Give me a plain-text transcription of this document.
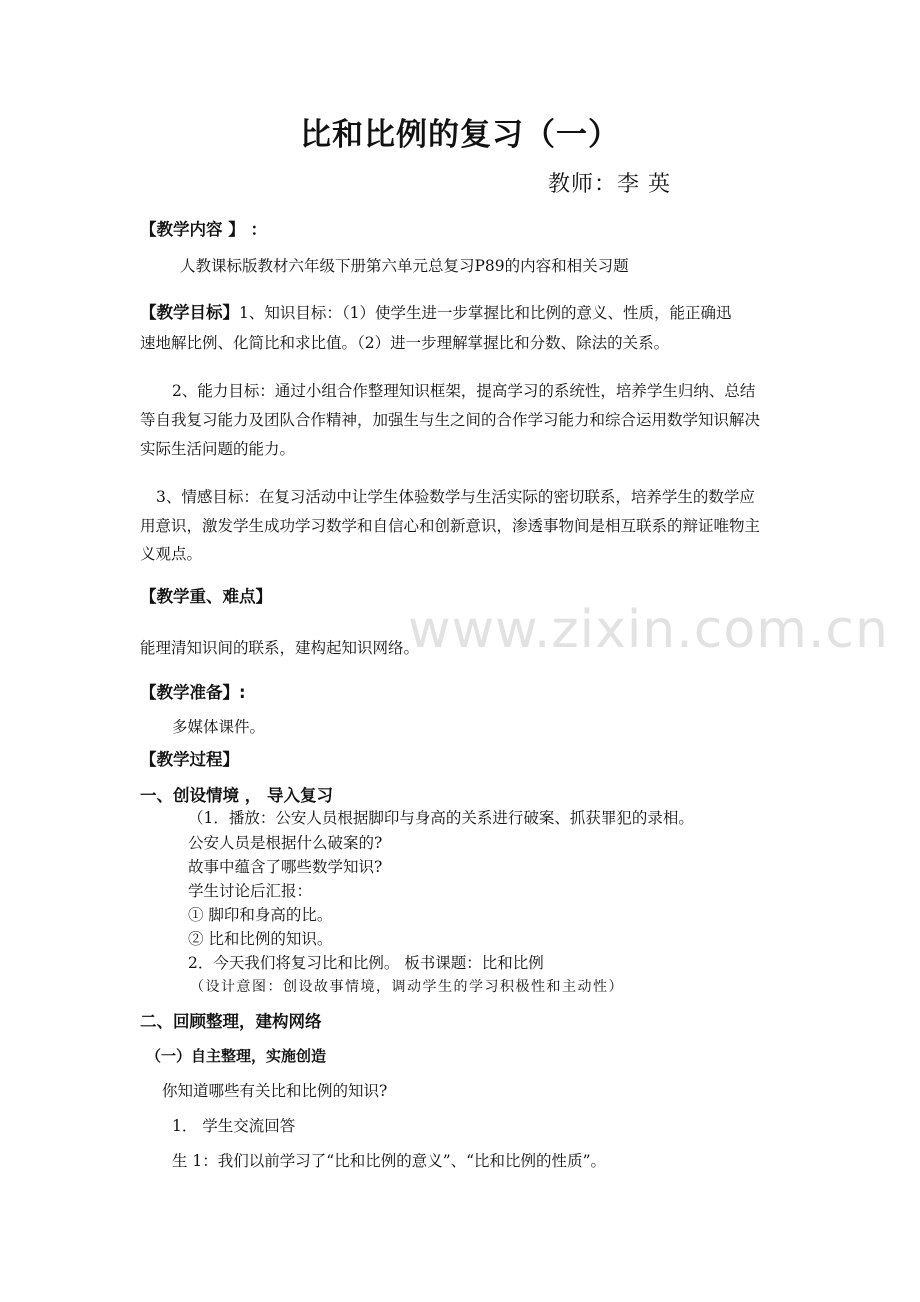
比和比例的复习（一）
教师：李 英
【教学内容 】 ：
人教课标版教材六年级下册第六单元总复习P89的内容和相关习题
【教学目标】1、知识目标：（1）使学生进一步掌握比和比例的意义、性质，能正确迅
速地解比例、化简比和求比值。（2）进一步理解掌握比和分数、除法的关系。
2、能力目标：通过小组合作整理知识框架，提高学习的系统性，培养学生归纳、总结
等自我复习能力及团队合作精神，加强生与生之间的合作学习能力和综合运用数学知识解决
实际生活问题的能力。
3、情感目标：在复习活动中让学生体验数学与生活实际的密切联系，培养学生的数学应
用意识，激发学生成功学习数学和自信心和创新意识，渗透事物间是相互联系的辩证唯物主
义观点。
【教学重、难点】
能理清知识间的联系，建构起知识网络。
www.zixin.com.cn
【教学准备】:
多媒体课件。
【教学过程】
一、创设情境 ， 导入复习
（1．播放：公安人员根据脚印与身高的关系进行破案、抓获罪犯的录相。
公安人员是根据什么破案的?
故事中蕴含了哪些数学知识?
学生讨论后汇报：
① 脚印和身高的比。
② 比和比例的知识。
2．今天我们将复习比和比例。 板书课题：比和比例
（设计意图：创设故事情境，调动学生的学习积极性和主动性）
二、回顾整理，建构网络
（一）自主整理，实施创造
你知道哪些有关比和比例的知识?
1． 学生交流回答
生 1：我们以前学习了“比和比例的意义”、“比和比例的性质”。
